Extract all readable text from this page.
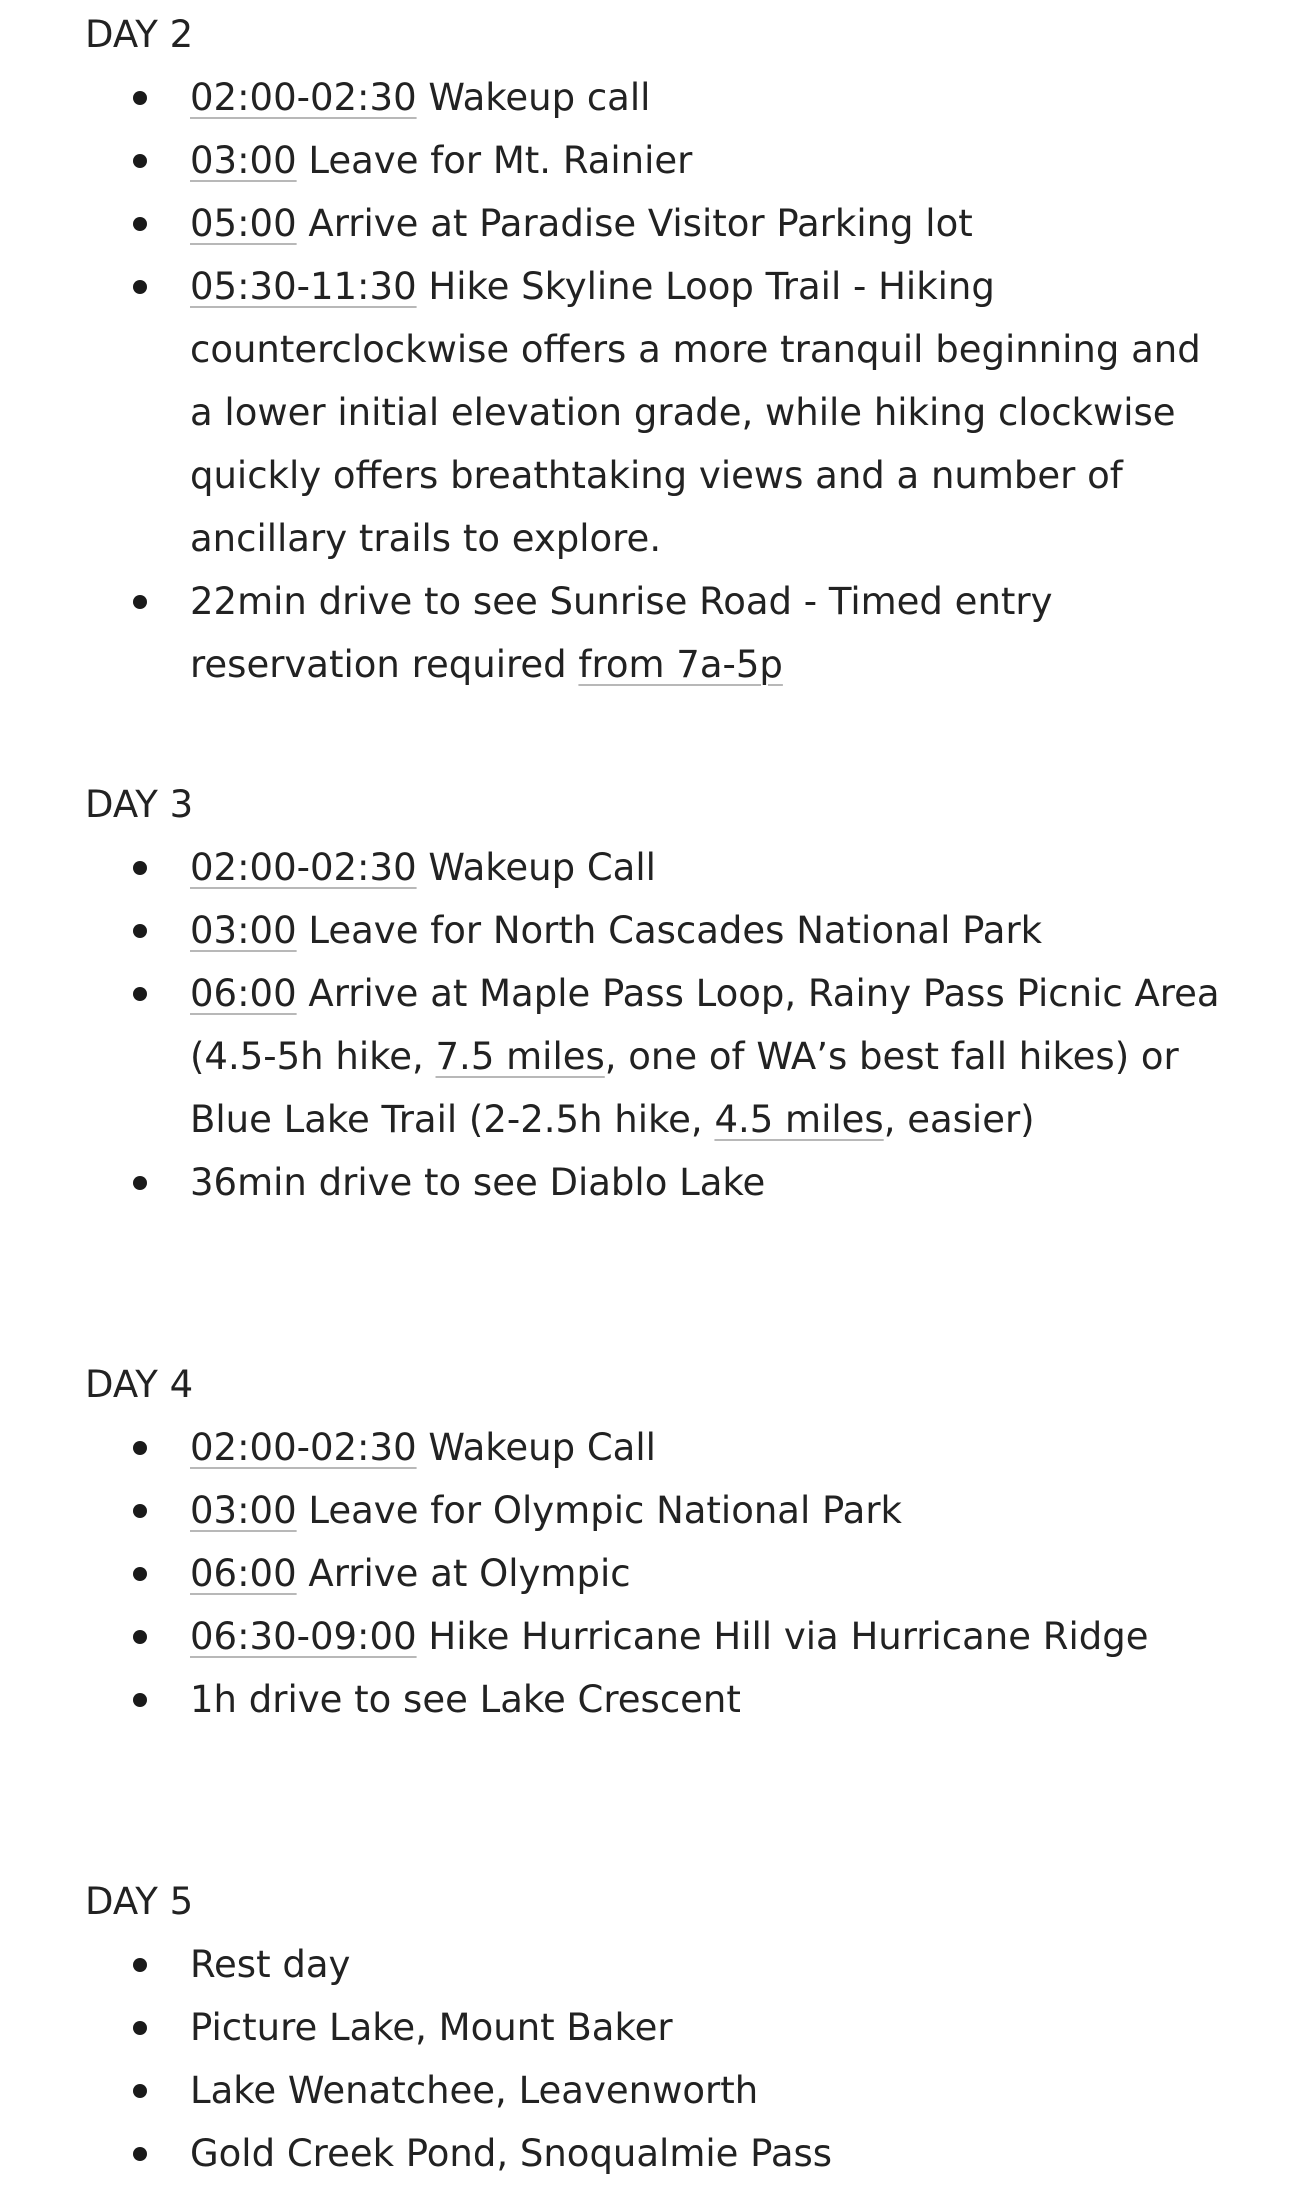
DAY 2
02:00-02:30 Wakeup call
03:00 Leave for Mt. Rainier
05:00 Arrive at Paradise Visitor Parking lot
05:30-11:30 Hike Skyline Loop Trail - Hiking counterclockwise offers a more tranquil beginning and a lower initial elevation grade, while hiking clockwise quickly offers breathtaking views and a number of ancillary trails to explore.
22min drive to see Sunrise Road - Timed entry reservation required from 7a-5p
DAY 3
02:00-02:30 Wakeup Call
03:00 Leave for North Cascades National Park
06:00 Arrive at Maple Pass Loop, Rainy Pass Picnic Area (4.5-5h hike, 7.5 miles, one of WA’s best fall hikes) or Blue Lake Trail (2-2.5h hike, 4.5 miles, easier)
36min drive to see Diablo Lake
DAY 4
02:00-02:30 Wakeup Call
03:00 Leave for Olympic National Park
06:00 Arrive at Olympic
06:30-09:00 Hike Hurricane Hill via Hurricane Ridge
1h drive to see Lake Crescent
DAY 5
Rest day
Picture Lake, Mount Baker
Lake Wenatchee, Leavenworth
Gold Creek Pond, Snoqualmie Pass
